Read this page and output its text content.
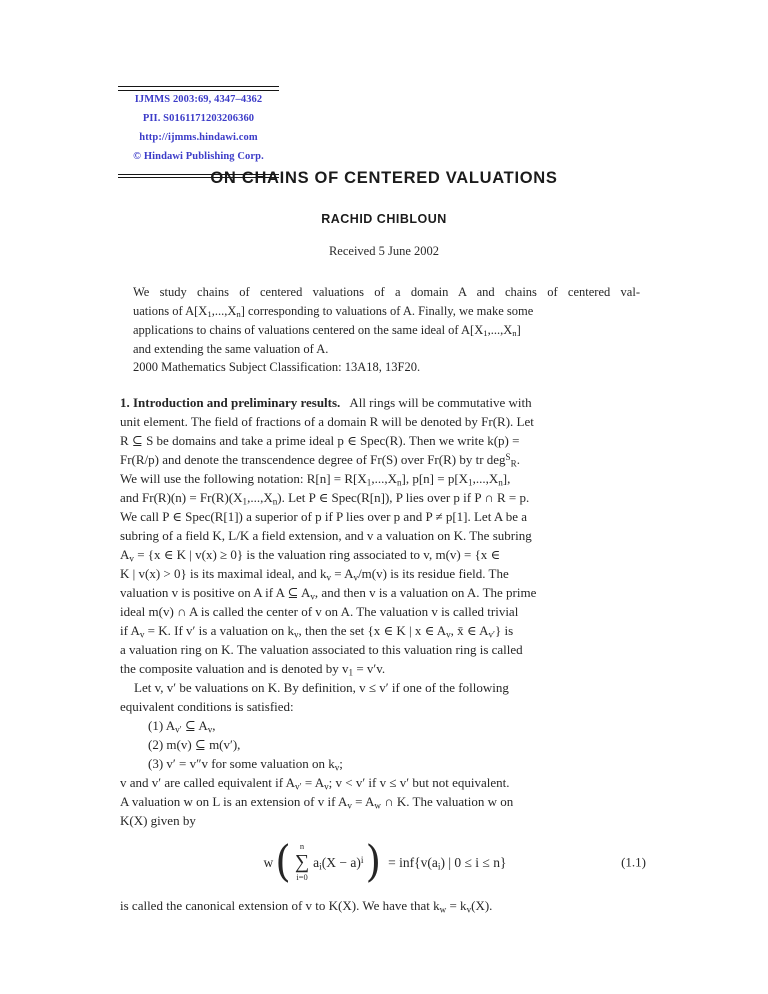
IJMMS 2003:69, 4347–4362
PII. S0161171203206360
http://ijmms.hindawi.com
© Hindawi Publishing Corp.
ON CHAINS OF CENTERED VALUATIONS
RACHID CHIBLOUN
Received 5 June 2002
We study chains of centered valuations of a domain A and chains of centered val-
uations of $A[X_1,...,X_n]$ corresponding to valuations of A. Finally, we make some
applications to chains of valuations centered on the same ideal of $A[X_1,...,X_n]$
and extending the same valuation of A.
2000 Mathematics Subject Classification: 13A18, 13F20.
1. Introduction and preliminary results. All rings will be commutative with
unit element. The field of fractions of a domain R will be denoted by Fr(R). Let
R ⊆ S be domains and take a prime ideal p ∈ Spec(R). Then we write k(p) =
Fr(R/p) and denote the transcendence degree of Fr(S) over Fr(R) by tr deg$^S_R$.
We will use the following notation: $R[n] = R[X_1,...,X_n]$, $p[n] = p[X_1,...,X_n]$,
and $Fr(R)(n) = Fr(R)(X_1,...,X_n)$. Let P ∈ Spec(R[n]), P lies over p if P ∩ R = p.
We call P ∈ Spec(R[1]) a superior of p if P lies over p and P ≠ p[1]. Let A be a
subring of a field K, L/K a field extension, and v a valuation on K. The subring
$A_v = \{x$ ∈ K | v(x) ≥ 0} is the valuation ring associated to v, m(v) = {x ∈
K | v(x) > 0} is its maximal ideal, and $k_v = A_v/m(v)$ is its residue field. The
valuation v is positive on A if A ⊆ $A_v$, and then v is a valuation on A. The prime
ideal m(v) ∩ A is called the center of v on A. The valuation v is called trivial
if $A_v = K$. If v′ is a valuation on $k_v$, then the set {x ∈ K | x ∈ $A_v$, x̄ ∈ $A_{v'}$} is
a valuation ring on K. The valuation associated to this valuation ring is called
the composite valuation and is denoted by $v_1 = v'v$.
Let v, v′ be valuations on K. By definition, v ≤ v′ if one of the following
equivalent conditions is satisfied:
(1) $A_{v'}$ ⊆ $A_v$,
(2) m(v) ⊆ m(v′),
(3) v′ = v″v for some valuation on $k_v$;
v and v′ are called equivalent if $A_{v'} = A_v$; v < v′ if v ≤ v′ but not equivalent.
A valuation w on L is an extension of v if $A_v = A_w$ ∩ K. The valuation w on
K(X) given by
w ( n
∑
i=0
$a_i(X - a)^i$ ) = $inf\{v(a_i)$ | 0 ≤ i ≤ n}	(1.1)
is called the canonical extension of v to K(X). We have that $k_w = k_v(X)$.
